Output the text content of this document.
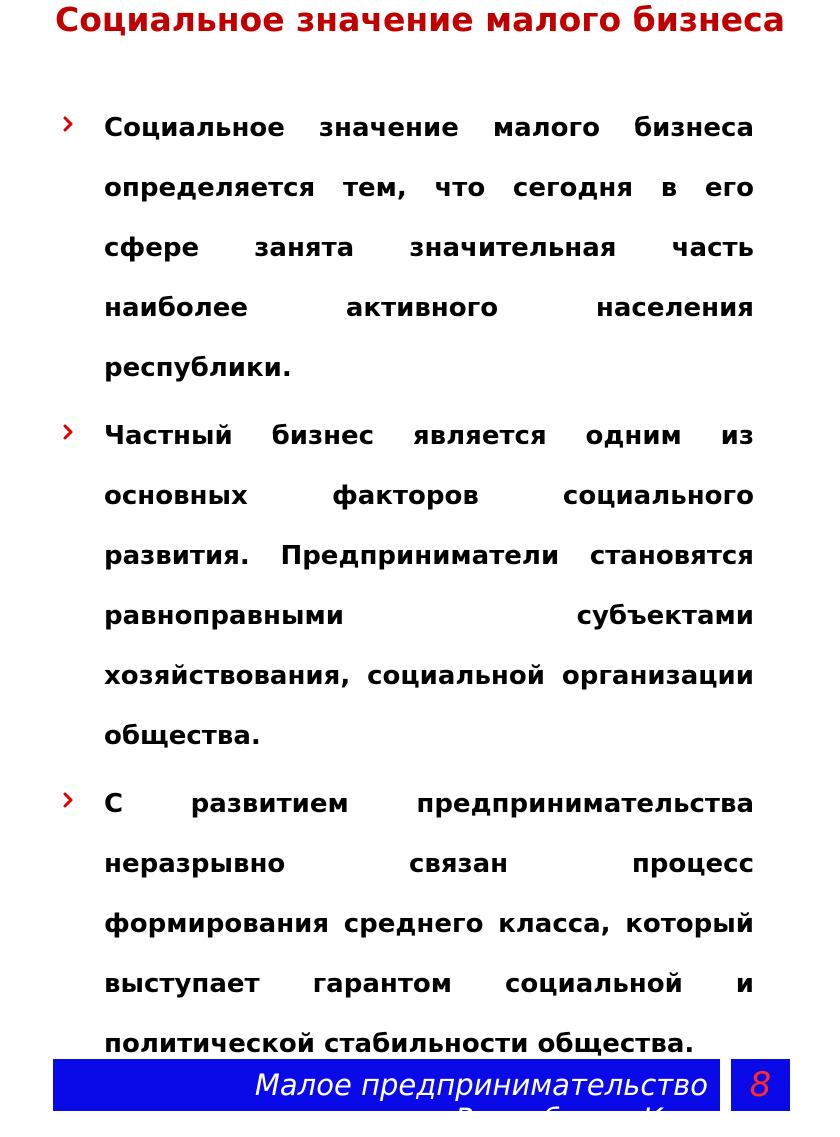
Социальное значение малого бизнеса

Социальное значение малого бизнеса определяется тем, что сегодня в его сфере занята значительная часть наиболее активного населения республики.

Частный бизнес является одним из основных факторов социального развития. Предприниматели становятся равноправными субъектами хозяйствования, социальной организации общества.

С развитием предпринимательства неразрывно связан процесс формирования среднего класса, который выступает гарантом социальной и политической стабильности общества.

Малое предпринимательство
в Республике Каз
8
